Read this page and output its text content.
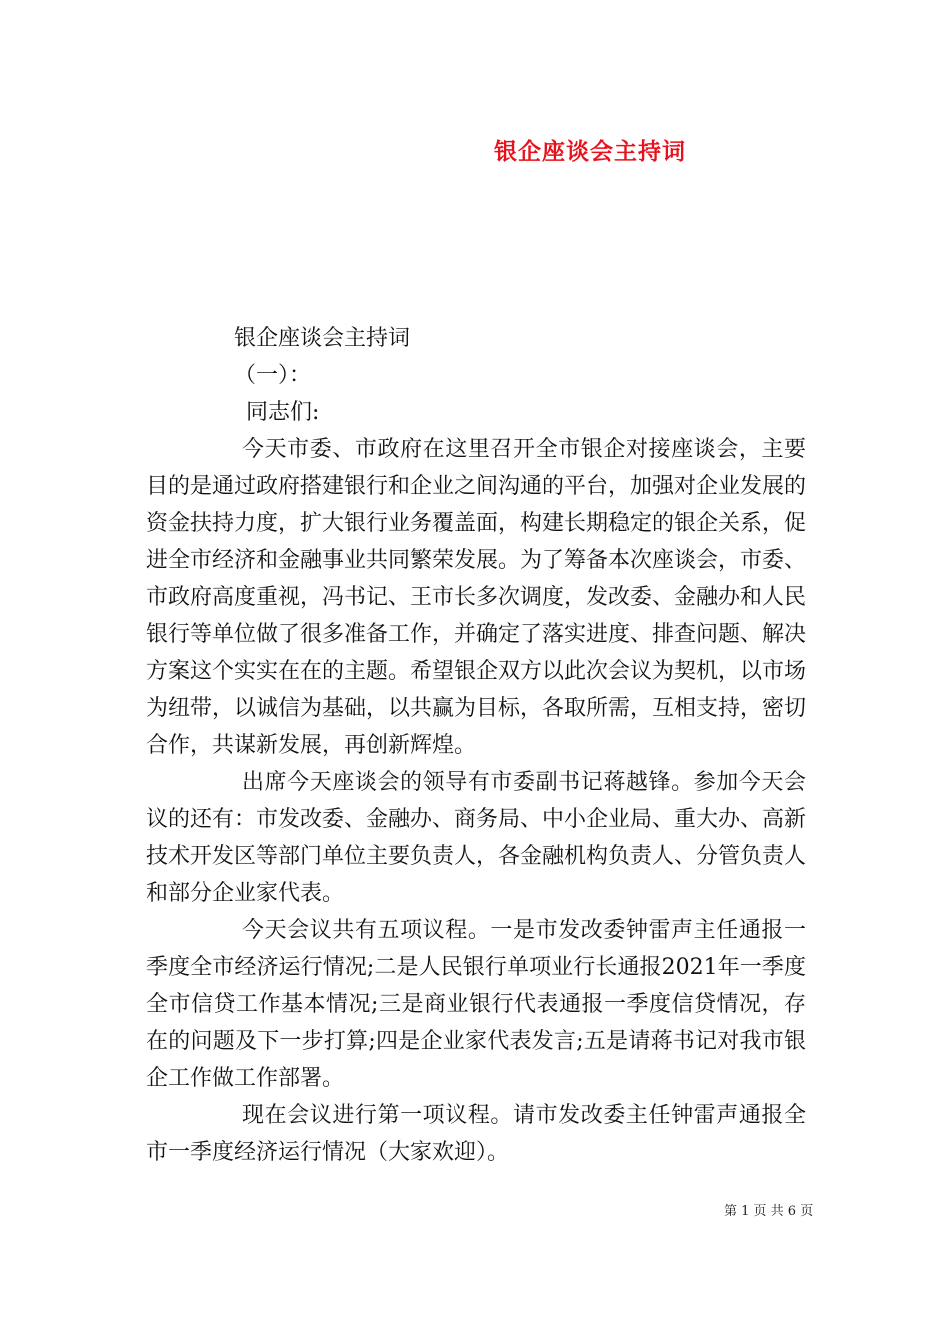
银企座谈会主持词
银企座谈会主持词
（一）：
同志们:

今天市委、市政府在这里召开全市银企对接座谈会，主要目的是通过政府搭建银行和企业之间沟通的平台，加强对企业发展的资金扶持力度，扩大银行业务覆盖面，构建长期稳定的银企关系，促进全市经济和金融事业共同繁荣发展。为了筹备本次座谈会，市委、市政府高度重视，冯书记、王市长多次调度，发改委、金融办和人民银行等单位做了很多准备工作，并确定了落实进度、排查问题、解决方案这个实实在在的主题。希望银企双方以此次会议为契机，以市场为纽带，以诚信为基础，以共赢为目标，各取所需，互相支持，密切合作，共谋新发展，再创新辉煌。

出席今天座谈会的领导有市委副书记蒋越锋。参加今天会议的还有：市发改委、金融办、商务局、中小企业局、重大办、高新技术开发区等部门单位主要负责人，各金融机构负责人、分管负责人和部分企业家代表。

今天会议共有五项议程。一是市发改委钟雷声主任通报一季度全市经济运行情况;二是人民银行单项业行长通报2021年一季度全市信贷工作基本情况;三是商业银行代表通报一季度信贷情况，存在的问题及下一步打算;四是企业家代表发言;五是请蒋书记对我市银企工作做工作部署。

现在会议进行第一项议程。请市发改委主任钟雷声通报全市一季度经济运行情况（大家欢迎）。

第 1 页 共 6 页
